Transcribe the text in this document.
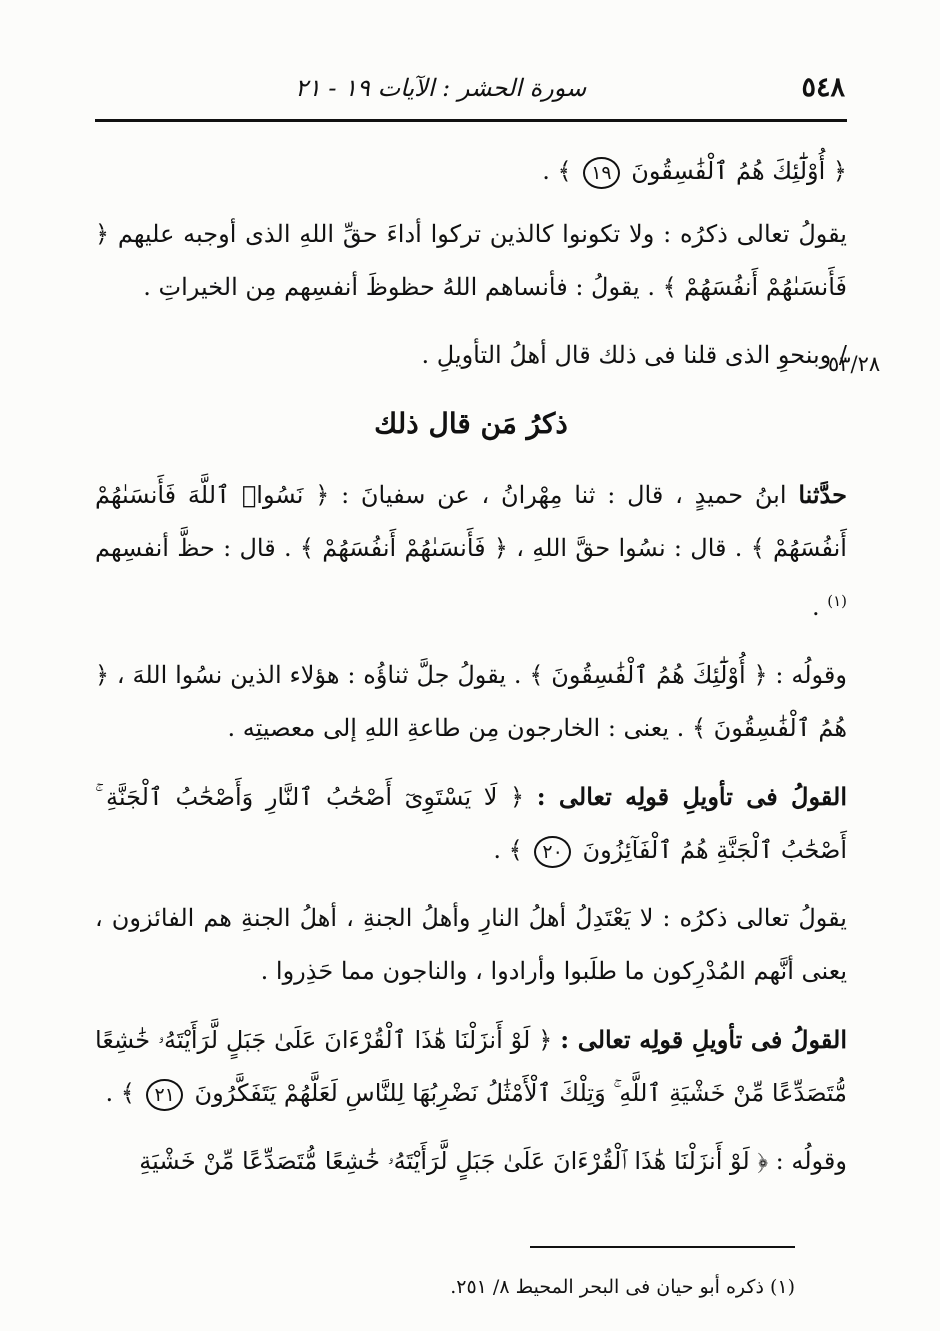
٥٤٨
سورة الحشر : الآيات ١٩ - ٢١
٥٣/٢٨

﴿ أُوْلَٰٓئِكَ هُمُ ٱلْفَٰسِقُونَ ١٩ ﴾ .

يقولُ تعالى ذكرُه : ولا تكونوا كالذين تركوا أداءَ حقِّ اللهِ الذى أوجبه عليهم ﴿ فَأَنسَىٰهُمْ أَنفُسَهُمْ ﴾ . يقولُ : فأنساهم اللهُ حظوظَ أنفسِهم مِن الخيراتِ .

/ وبنحوِ الذى قلنا فى ذلك قال أهلُ التأويلِ .

ذكرُ مَن قال ذلك

حدَّثنا ابنُ حميدٍ ، قال : ثنا مِهْرانُ ، عن سفيانَ : ﴿ نَسُوا۟ ٱللَّهَ فَأَنسَىٰهُمْ أَنفُسَهُمْ ﴾ . قال : نسُوا حقَّ اللهِ ، ﴿ فَأَنسَىٰهُمْ أَنفُسَهُمْ ﴾ . قال : حظَّ أنفسِهم $^{(١)}$ .

وقولُه : ﴿ أُوْلَٰٓئِكَ هُمُ ٱلْفَٰسِقُونَ ﴾ . يقولُ جلَّ ثناؤُه : هؤلاء الذين نسُوا اللهَ ، ﴿ هُمُ ٱلْفَٰسِقُونَ ﴾ . يعنى : الخارجون مِن طاعةِ اللهِ إلى معصيتِه .

القولُ فى تأويلِ قولِه تعالى : ﴿ لَا يَسْتَوِىٓ أَصْحَٰبُ ٱلنَّارِ وَأَصْحَٰبُ ٱلْجَنَّةِ ۚ أَصْحَٰبُ ٱلْجَنَّةِ هُمُ ٱلْفَآئِزُونَ ٢٠ ﴾ .

يقولُ تعالى ذكرُه : لا يَعْتَدِلُ أهلُ النارِ وأهلُ الجنةِ ، أهلُ الجنةِ هم الفائزون ، يعنى أنَّهم المُدْرِكون ما طلَبوا وأرادوا ، والناجون مما حَذِروا .

القولُ فى تأويلِ قولِه تعالى : ﴿ لَوْ أَنزَلْنَا هَٰذَا ٱلْقُرْءَانَ عَلَىٰ جَبَلٍ لَّرَأَيْتَهُۥ خَٰشِعًا مُّتَصَدِّعًا مِّنْ خَشْيَةِ ٱللَّهِ ۚ وَتِلْكَ ٱلْأَمْثَٰلُ نَضْرِبُهَا لِلنَّاسِ لَعَلَّهُمْ يَتَفَكَّرُونَ ٢١ ﴾ .

وقولُه : ﴿ لَوْ أَنزَلْنَا هَٰذَا ٱلْقُرْءَانَ عَلَىٰ جَبَلٍ لَّرَأَيْتَهُۥ خَٰشِعًا مُّتَصَدِّعًا مِّنْ خَشْيَةِ

(١) ذكره أبو حيان فى البحر المحيط ٨/ ٢٥١.
